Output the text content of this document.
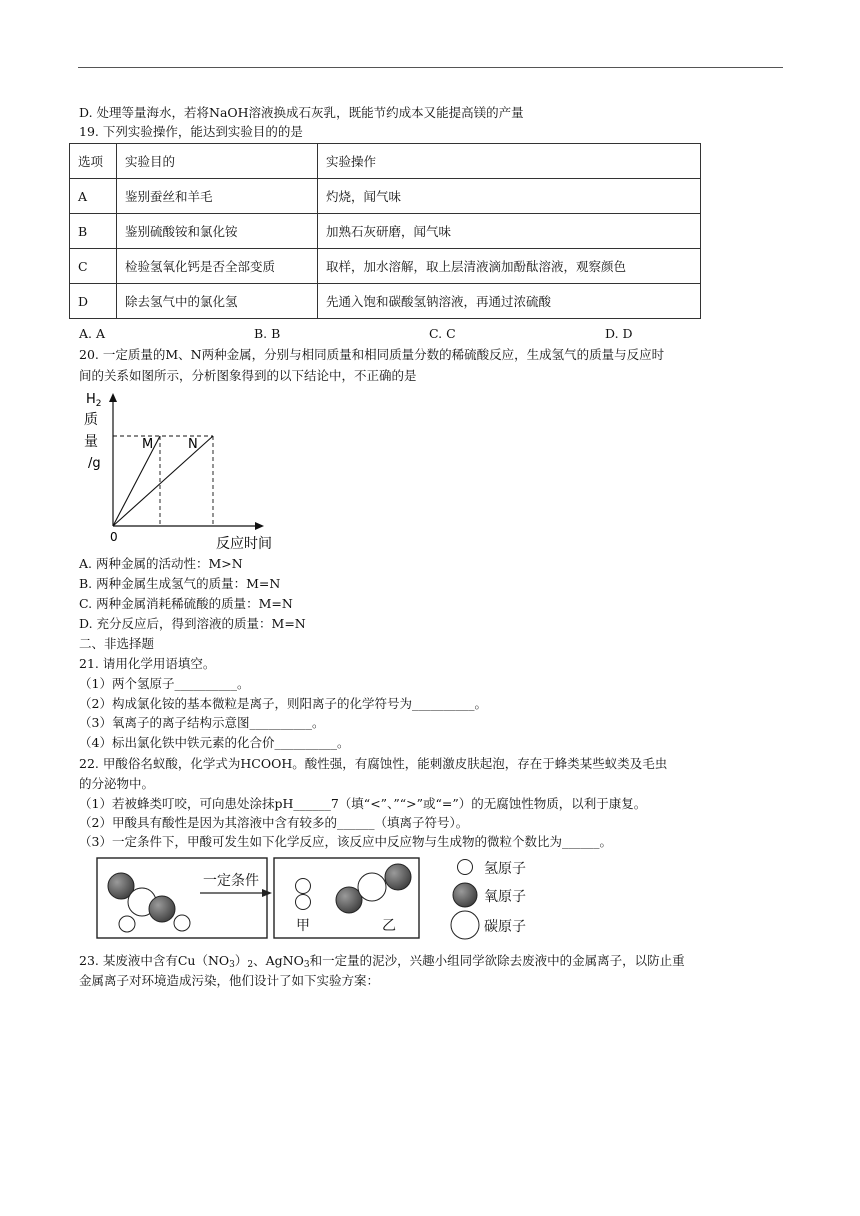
D. 处理等量海水，若将NaOH溶液换成石灰乳，既能节约成本又能提高镁的产量
19. 下列实验操作，能达到实验目的的是
选项	实验目的	实验操作
A	鉴别蚕丝和羊毛	灼烧，闻气味
B	鉴别硫酸铵和氯化铵	加熟石灰研磨，闻气味
C	检验氢氧化钙是否全部变质	取样，加水溶解，取上层清液滴加酚酞溶液，观察颜色
D	除去氢气中的氯化氢	先通入饱和碳酸氢钠溶液，再通过浓硫酸
A. A	B. B	C. C	D. D
20. 一定质量的M、N两种金属，分别与相同质量和相同质量分数的稀硫酸反应，生成氢气的质量与反应时
间的关系如图所示，分析图象得到的以下结论中，不正确的是
$H_2$
质
量
/g
M	N
0	反应时间
A. 两种金属的活动性：M>N
B. 两种金属生成氢气的质量：M=N
C. 两种金属消耗稀硫酸的质量：M=N
D. 充分反应后，得到溶液的质量：M=N
二、非选择题
21. 请用化学用语填空。
（1）两个氢原子__________。
（2）构成氯化铵的基本微粒是离子，则阳离子的化学符号为__________。
（3）氧离子的离子结构示意图__________。
（4）标出氯化铁中铁元素的化合价__________。
22. 甲酸俗名蚁酸，化学式为HCOOH。酸性强，有腐蚀性，能刺激皮肤起泡，存在于蜂类某些蚁类及毛虫
的分泌物中。
（1）若被蜂类叮咬，可向患处涂抹pH______7（填“<”、”“>”或“=”）的无腐蚀性物质，以利于康复。
（2）甲酸具有酸性是因为其溶液中含有较多的______（填离子符号）。
（3）一定条件下，甲酸可发生如下化学反应，该反应中反应物与生成物的微粒个数比为______。
一定条件
甲	乙
氢原子
氧原子
碳原子
23. 某废液中含有$Cu(NO_3)_2$、AgNO$_3$和一定量的泥沙，兴趣小组同学欲除去废液中的金属离子，以防止重
金属离子对环境造成污染，他们设计了如下实验方案：
